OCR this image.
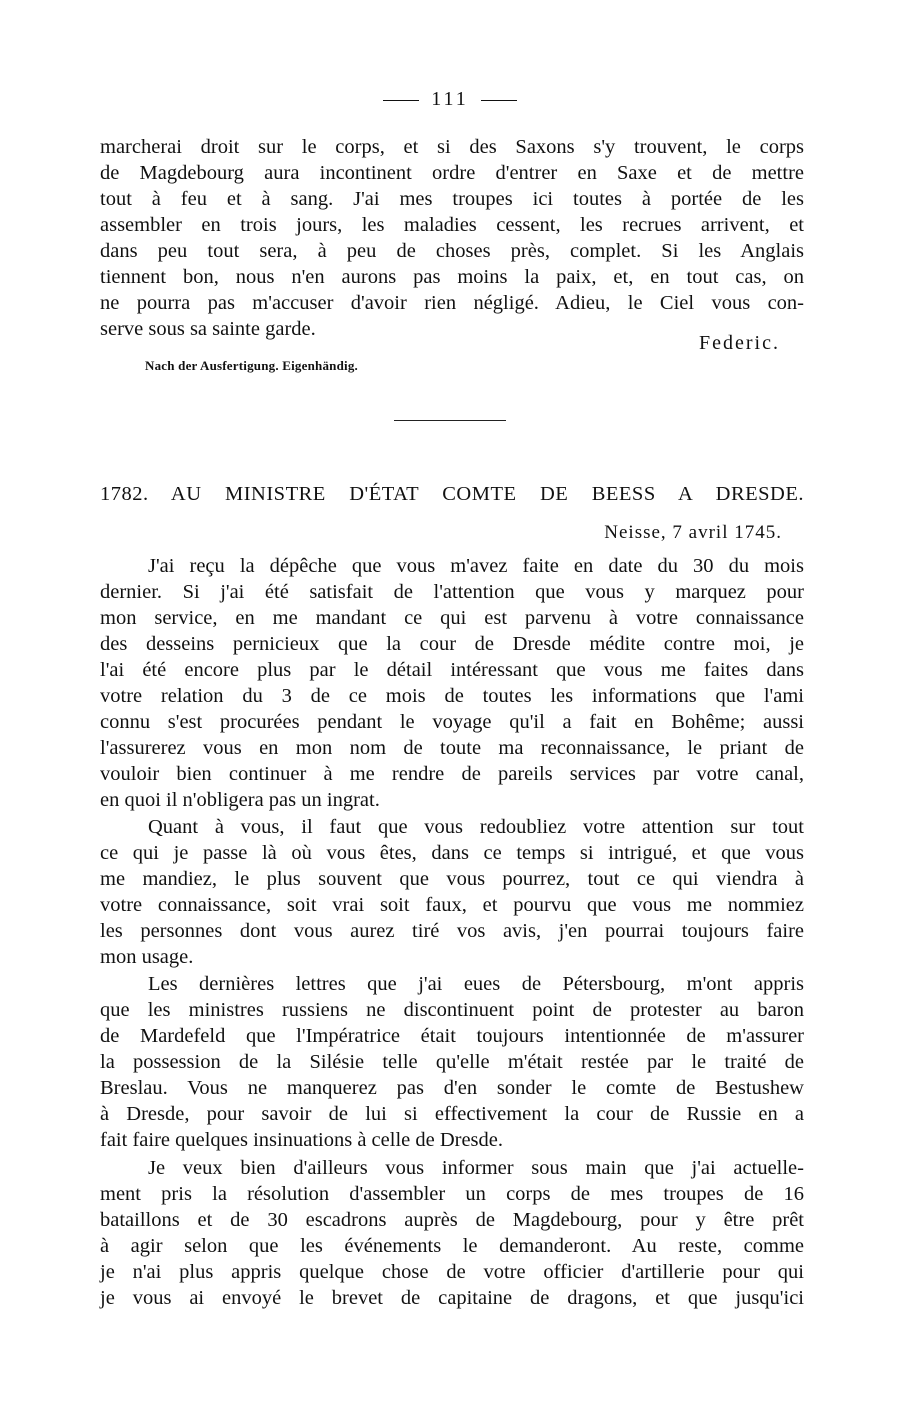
111
marcherai droit sur le corps, et si des Saxons s'y trouvent, le corps
de Magdebourg aura incontinent ordre d'entrer en Saxe et de mettre
tout à feu et à sang. J'ai mes troupes ici toutes à portée de les
assembler en trois jours, les maladies cessent, les recrues arrivent, et
dans peu tout sera, à peu de choses près, complet. Si les Anglais
tiennent bon, nous n'en aurons pas moins la paix, et, en tout cas, on
ne pourra pas m'accuser d'avoir rien négligé. Adieu, le Ciel vous con-
serve sous sa sainte garde.
Federic.
Nach der Ausfertigung. Eigenhändig.
1782. AU MINISTRE D'ÉTAT COMTE DE BEESS A DRESDE.
Neisse, 7 avril 1745.
J'ai reçu la dépêche que vous m'avez faite en date du 30 du mois
dernier. Si j'ai été satisfait de l'attention que vous y marquez pour
mon service, en me mandant ce qui est parvenu à votre connaissance
des desseins pernicieux que la cour de Dresde médite contre moi, je
l'ai été encore plus par le détail intéressant que vous me faites dans
votre relation du 3 de ce mois de toutes les informations que l'ami
connu s'est procurées pendant le voyage qu'il a fait en Bohême; aussi
l'assurerez vous en mon nom de toute ma reconnaissance, le priant de
vouloir bien continuer à me rendre de pareils services par votre canal,
en quoi il n'obligera pas un ingrat.
Quant à vous, il faut que vous redoubliez votre attention sur tout
ce qui je passe là où vous êtes, dans ce temps si intrigué, et que vous
me mandiez, le plus souvent que vous pourrez, tout ce qui viendra à
votre connaissance, soit vrai soit faux, et pourvu que vous me nommiez
les personnes dont vous aurez tiré vos avis, j'en pourrai toujours faire
mon usage.
Les dernières lettres que j'ai eues de Pétersbourg, m'ont appris
que les ministres russiens ne discontinuent point de protester au baron
de Mardefeld que l'Impératrice était toujours intentionnée de m'assurer
la possession de la Silésie telle qu'elle m'était restée par le traité de
Breslau. Vous ne manquerez pas d'en sonder le comte de Bestushew
à Dresde, pour savoir de lui si effectivement la cour de Russie en a
fait faire quelques insinuations à celle de Dresde.
Je veux bien d'ailleurs vous informer sous main que j'ai actuelle-
ment pris la résolution d'assembler un corps de mes troupes de 16
bataillons et de 30 escadrons auprès de Magdebourg, pour y être prêt
à agir selon que les événements le demanderont. Au reste, comme
je n'ai plus appris quelque chose de votre officier d'artillerie pour qui
je vous ai envoyé le brevet de capitaine de dragons, et que jusqu'ici
